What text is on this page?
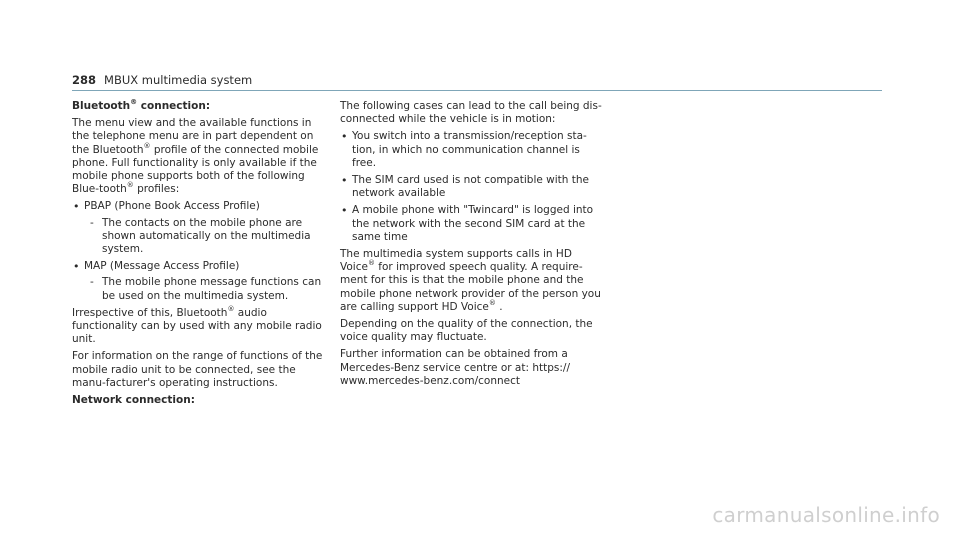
288 MBUX multimedia system
Bluetooth® connection:

The menu view and the available functions in the telephone menu are in part dependent on the Bluetooth® profile of the connected mobile phone. Full functionality is only available if the mobile phone supports both of the following Blue-tooth® profiles:

• PBAP (Phone Book Access Profile)
- The contacts on the mobile phone are shown automatically on the multimedia system.
• MAP (Message Access Profile)
- The mobile phone message functions can be used on the multimedia system.

Irrespective of this, Bluetooth® audio functionality can by used with any mobile radio unit.

For information on the range of functions of the mobile radio unit to be connected, see the manu-facturer's operating instructions.

Network connection:

The following cases can lead to the call being dis-connected while the vehicle is in motion:

• You switch into a transmission/reception sta-tion, in which no communication channel is free.
• The SIM card used is not compatible with the network available
• A mobile phone with "Twincard" is logged into the network with the second SIM card at the same time

The multimedia system supports calls in HD Voice® for improved speech quality. A require-ment for this is that the mobile phone and the mobile phone network provider of the person you are calling support HD Voice® .

Depending on the quality of the connection, the voice quality may fluctuate.

Further information can be obtained from a Mercedes-Benz service centre or at: https:// www.mercedes-benz.com/connect

carmanualsonline.info
